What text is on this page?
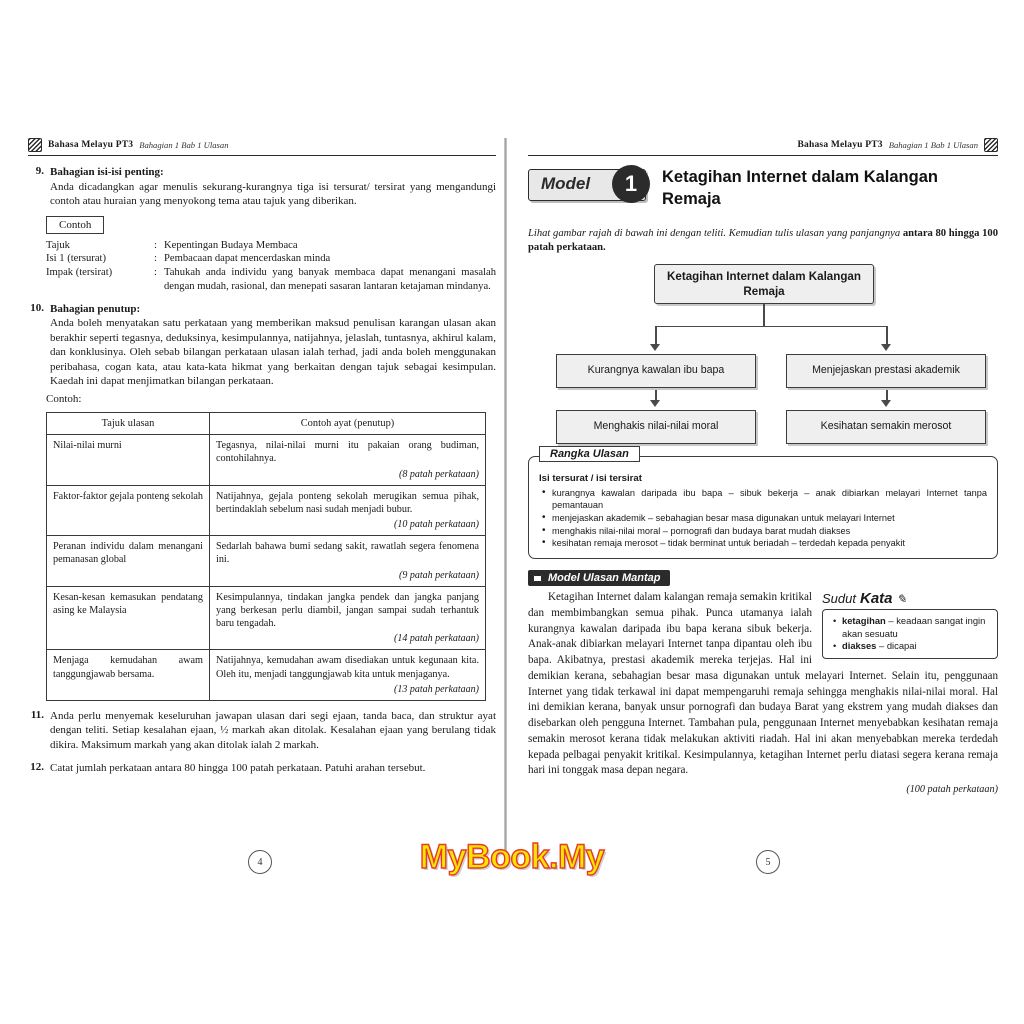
Bahasa Melayu PT3 Bahagian 1 Bab 1 Ulasan
9. Bahagian isi-isi penting:
Anda dicadangkan agar menulis sekurang-kurangnya tiga isi tersurat/ tersirat yang mengandungi contoh atau huraian yang menyokong tema atau tajuk yang diberikan.
Contoh
Tajuk	: Kepentingan Budaya Membaca
Isi 1 (tersurat)	: Pembacaan dapat mencerdaskan minda
Impak (tersirat)	: Tahukah anda individu yang banyak membaca dapat menangani masalah dengan mudah, rasional, dan menepati sasaran lantaran ketajaman mindanya.
10. Bahagian penutup:
Anda boleh menyatakan satu perkataan yang memberikan maksud penulisan karangan ulasan akan berakhir seperti tegasnya, deduksinya, kesimpulannya, natijahnya, jelaslah, tuntasnya, akhirul kalam, dan konklusinya. Oleh sebab bilangan perkataan ulasan ialah terhad, jadi anda boleh menggunakan peribahasa, cogan kata, atau kata-kata hikmat yang berkaitan dengan tajuk sebagai kesimpulan. Kaedah ini dapat menjimatkan bilangan perkataan.
Contoh:
Tajuk ulasan	Contoh ayat (penutup)
Nilai-nilai murni	Tegasnya, nilai-nilai murni itu pakaian orang budiman, contohilahnya.
(8 patah perkataan)

Faktor-faktor gejala ponteng sekolah	Natijahnya, gejala ponteng sekolah merugikan semua pihak, bertindaklah sebelum nasi sudah menjadi bubur.
(10 patah perkataan)

Peranan individu dalam menangani pemanasan global	Sedarlah bahawa bumi sedang sakit, rawatlah segera fenomena ini.
(9 patah perkataan)

Kesan-kesan kemasukan pendatang asing ke Malaysia	Kesimpulannya, tindakan jangka pendek dan jangka panjang yang berkesan perlu diambil, jangan sampai sudah terhantuk baru tengadah.
(14 patah perkataan)

Menjaga kemudahan awam tanggungjawab bersama.	Natijahnya, kemudahan awam disediakan untuk kegunaan kita. Oleh itu, menjadi tanggungjawab kita untuk menjaganya.
(13 patah perkataan)
11. Anda perlu menyemak keseluruhan jawapan ulasan dari segi ejaan, tanda baca, dan struktur ayat dengan teliti. Setiap kesalahan ejaan, ½ markah akan ditolak. Kesalahan ejaan yang berulang tidak dikira. Maksimum markah yang akan ditolak ialah 2 markah.
12. Catat jumlah perkataan antara 80 hingga 100 patah perkataan. Patuhi arahan tersebut.
Bahasa Melayu PT3 Bahagian 1 Bab 1 Ulasan
Model	1	Ketagihan Internet dalam Kalangan Remaja
Lihat gambar rajah di bawah ini dengan teliti. Kemudian tulis ulasan yang panjangnya antara 80 hingga 100 patah perkataan.
Ketagihan Internet dalam Kalangan Remaja
Kurangnya kawalan ibu bapa	Menjejaskan prestasi akademik
Menghakis nilai-nilai moral	Kesihatan semakin merosot
Rangka Ulasan
Isi tersurat / isi tersirat
• kurangnya kawalan daripada ibu bapa – sibuk bekerja – anak dibiarkan melayari Internet tanpa pemantauan
• menjejaskan akademik – sebahagian besar masa digunakan untuk melayari Internet
• menghakis nilai-nilai moral – pornografi dan budaya barat mudah diakses
• kesihatan remaja merosot – tidak berminat untuk beriadah – terdedah kepada penyakit
Model Ulasan Mantap
Sudut Kata ✎
• ketagihan – keadaan sangat ingin akan sesuatu
• diakses – dicapai
Ketagihan Internet dalam kalangan remaja semakin kritikal dan membimbangkan semua pihak. Punca utamanya ialah kurangnya kawalan daripada ibu bapa kerana sibuk bekerja. Anak-anak dibiarkan melayari Internet tanpa dipantau oleh ibu bapa. Akibatnya, prestasi akademik mereka terjejas. Hal ini demikian kerana, sebahagian besar masa digunakan untuk melayari Internet. Selain itu, penggunaan Internet yang tidak terkawal ini dapat mempengaruhi remaja sehingga menghakis nilai-nilai moral. Hal ini demikian kerana, banyak unsur pornografi dan budaya Barat yang ekstrem yang mudah diakses dan disebarkan oleh pengguna Internet. Tambahan pula, penggunaan Internet menyebabkan kesihatan remaja semakin merosot kerana tidak melakukan aktiviti riadah. Hal ini akan menyebabkan mereka terdedah kepada pelbagai penyakit kritikal. Kesimpulannya, ketagihan Internet perlu diatasi segera kerana remaja hari ini tonggak masa depan negara.
(100 patah perkataan)
4	5
MyBook.My
